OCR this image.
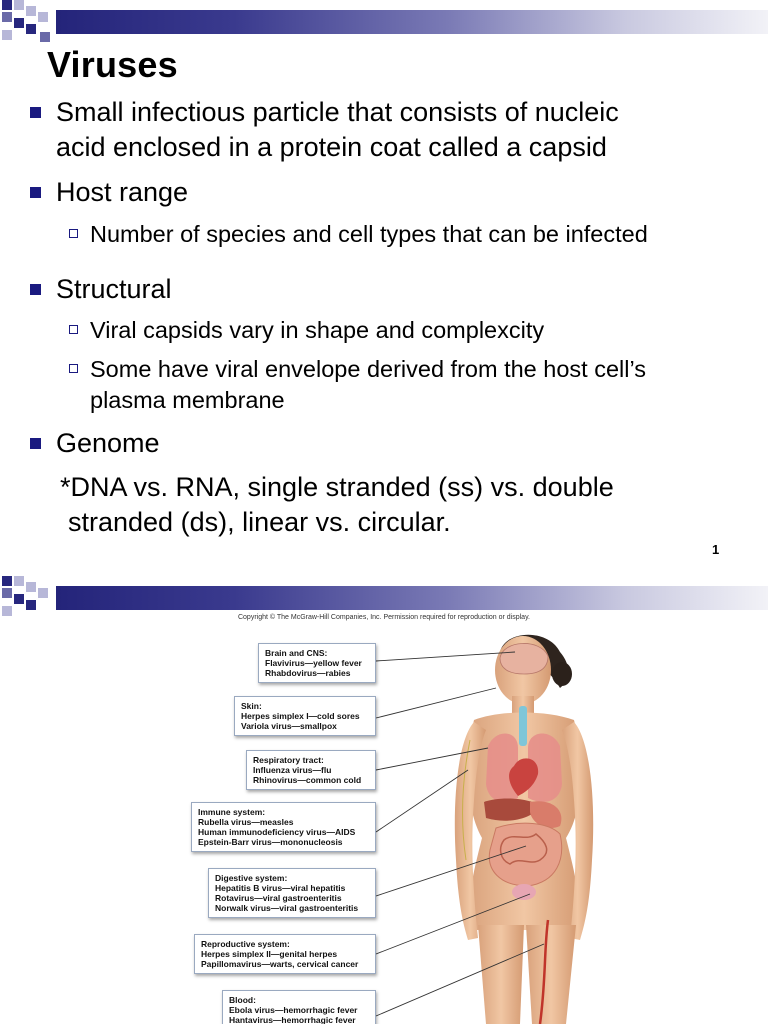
Viruses
Small infectious particle that consists of nucleic
acid enclosed in a protein coat called a capsid
Host range
Number of species and cell types that can be infected
Structural
Viral capsids vary in shape and complexcity
Some have viral envelope derived from the host cell’s
plasma membrane
Genome
*DNA vs. RNA, single stranded (ss) vs. double
stranded (ds), linear vs. circular.
1
Copyright © The McGraw-Hill Companies, Inc. Permission required for reproduction or display.
Brain and CNS:
Flavivirus—yellow fever
Rhabdovirus—rabies
Skin:
Herpes simplex I—cold sores
Variola virus—smallpox
Respiratory tract:
Influenza virus—flu
Rhinovirus—common cold
Immune system:
Rubella virus—measles
Human immunodeficiency virus—AIDS
Epstein-Barr virus—mononucleosis
Digestive system:
Hepatitis B virus—viral hepatitis
Rotavirus—viral gastroenteritis
Norwalk virus—viral gastroenteritis
Reproductive system:
Herpes simplex II—genital herpes
Papillomavirus—warts, cervical cancer
Blood:
Ebola virus—hemorrhagic fever
Hantavirus—hemorrhagic fever
